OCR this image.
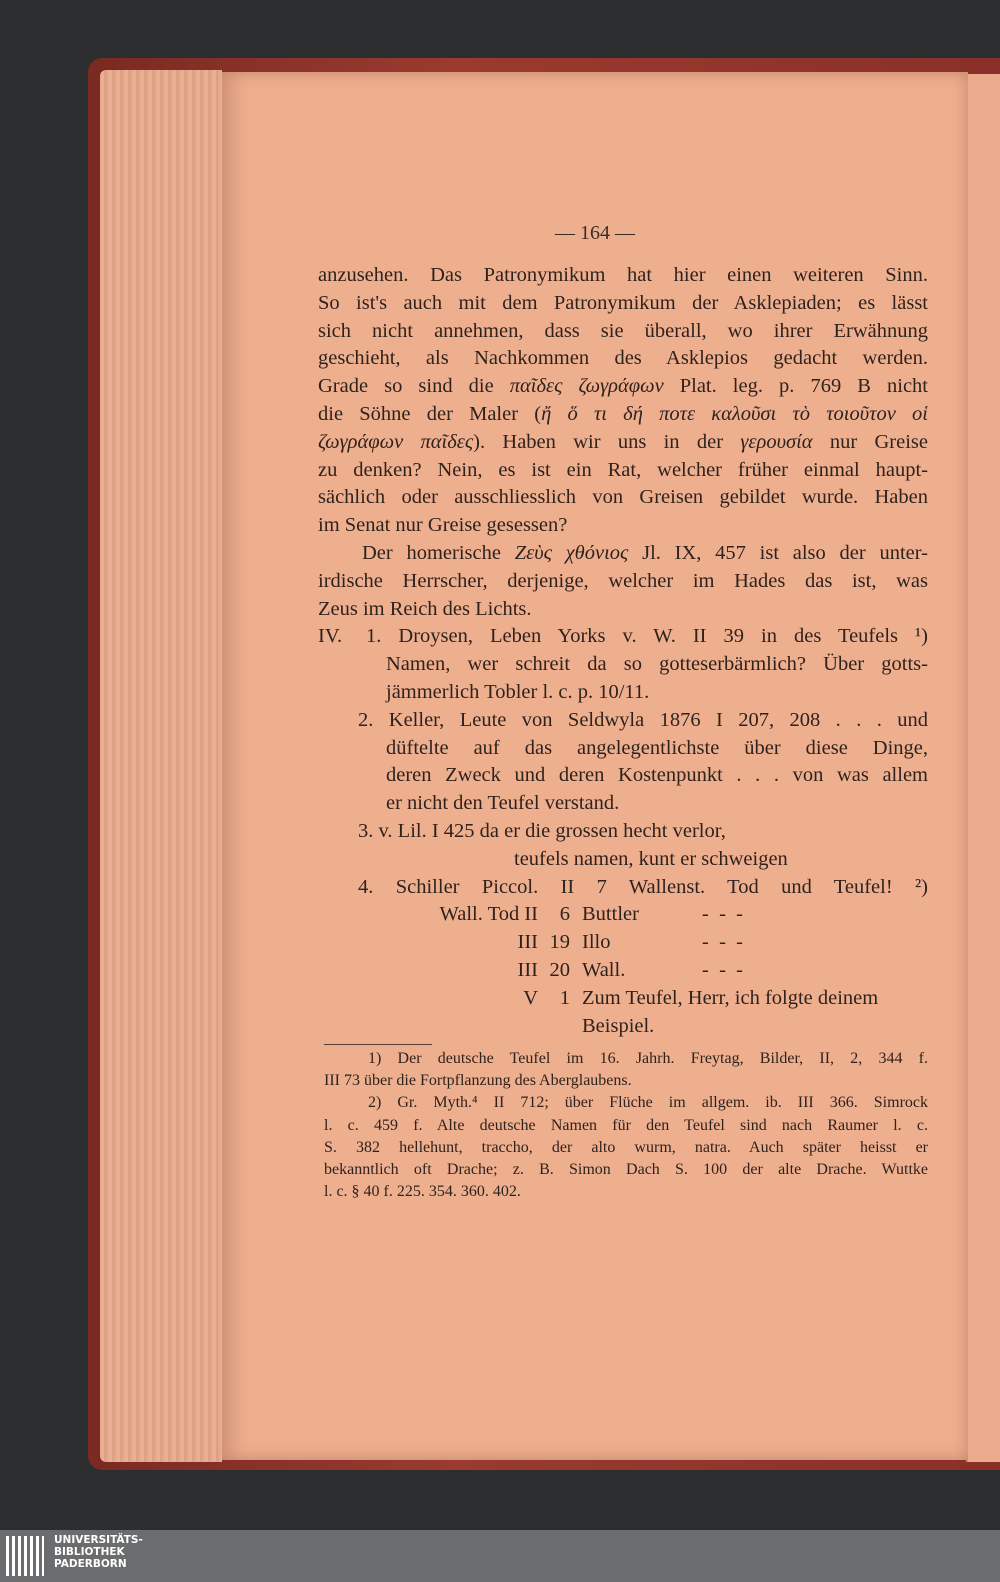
— 164 —
anzusehen. Das Patronymikum hat hier einen weiteren Sinn.
So ist's auch mit dem Patronymikum der Asklepiaden; es lässt
sich nicht annehmen, dass sie überall, wo ihrer Erwähnung
geschieht, als Nachkommen des Asklepios gedacht werden.
Grade so sind die παῖδες ζωγράφων Plat. leg. p. 769 B nicht
die Söhne der Maler (ἤ ὅ τι δή ποτε καλοῦσι τὸ τοιοῦτον οἱ
ζωγράφων παῖδες). Haben wir uns in der γερουσία nur Greise
zu denken? Nein, es ist ein Rat, welcher früher einmal haupt-
sächlich oder ausschliesslich von Greisen gebildet wurde. Haben
im Senat nur Greise gesessen?
Der homerische Ζεὺς χθόνιος Jl. IX, 457 ist also der unter-
irdische Herrscher, derjenige, welcher im Hades das ist, was
Zeus im Reich des Lichts.
IV. 1. Droysen, Leben Yorks v. W. II 39 in des Teufels ¹)
Namen, wer schreit da so gotteserbärmlich? Über gotts-
jämmerlich Tobler l. c. p. 10/11.
2. Keller, Leute von Seldwyla 1876 I 207, 208 . . . und
düftelte auf das angelegentlichste über diese Dinge,
deren Zweck und deren Kostenpunkt . . . von was allem
er nicht den Teufel verstand.
3. v. Lil. I 425 da er die grossen hecht verlor,
teufels namen, kunt er schweigen
4. Schiller Piccol. II 7 Wallenst. Tod und Teufel! ²)
Wall. Tod II	6 Buttler	-  -  -
III 19 Illo	-  -  -
III 20 Wall.	-  -  -
V	1 Zum Teufel, Herr, ich folgte deinem
Beispiel.
1) Der deutsche Teufel im 16. Jahrh. Freytag, Bilder, II, 2, 344 f.
III 73 über die Fortpflanzung des Aberglaubens.
2) Gr. Myth.⁴ II 712; über Flüche im allgem. ib. III 366. Simrock
l. c. 459 f. Alte deutsche Namen für den Teufel sind nach Raumer l. c.
S. 382 hellehunt, traccho, der alto wurm, natra. Auch später heisst er
bekanntlich oft Drache; z. B. Simon Dach S. 100 der alte Drache. Wuttke
l. c. § 40 f. 225. 354. 360. 402.
UNIVERSITÄTS-
BIBLIOTHEK
PADERBORN
